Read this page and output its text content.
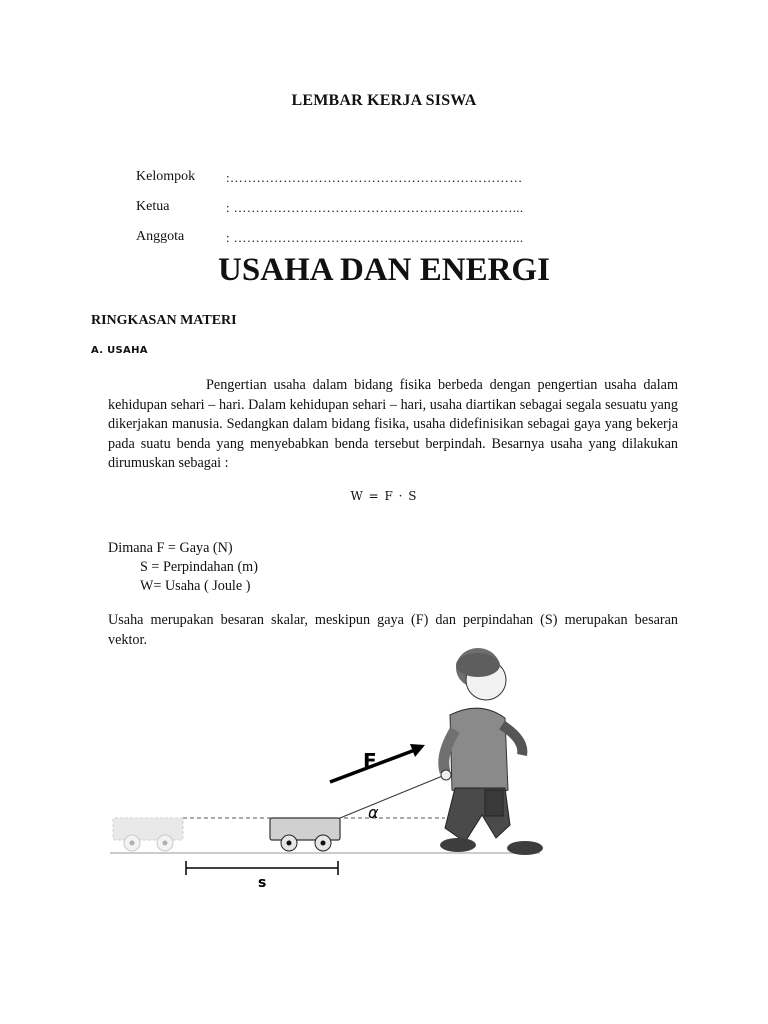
LEMBAR KERJA SISWA
Kelompok :…………………………………………………………
Ketua	: ………………………………………………………...
Anggota	: ………………………………………………………...
USAHA DAN ENERGI
RINGKASAN MATERI
A. USAHA
Pengertian usaha dalam bidang fisika berbeda dengan pengertian usaha dalam kehidupan sehari – hari. Dalam kehidupan sehari – hari, usaha diartikan sebagai segala sesuatu yang dikerjakan manusia. Sedangkan dalam bidang fisika, usaha didefinisikan sebagai gaya yang bekerja pada suatu benda yang menyebabkan benda tersebut berpindah. Besarnya usaha yang dilakukan dirumuskan sebagai :
W = F · S
Dimana F = Gaya (N)
S = Perpindahan (m)
W= Usaha ( Joule )
Usaha merupakan besaran skalar, meskipun gaya (F) dan perpindahan (S) merupakan besaran vektor.
F
α
s
